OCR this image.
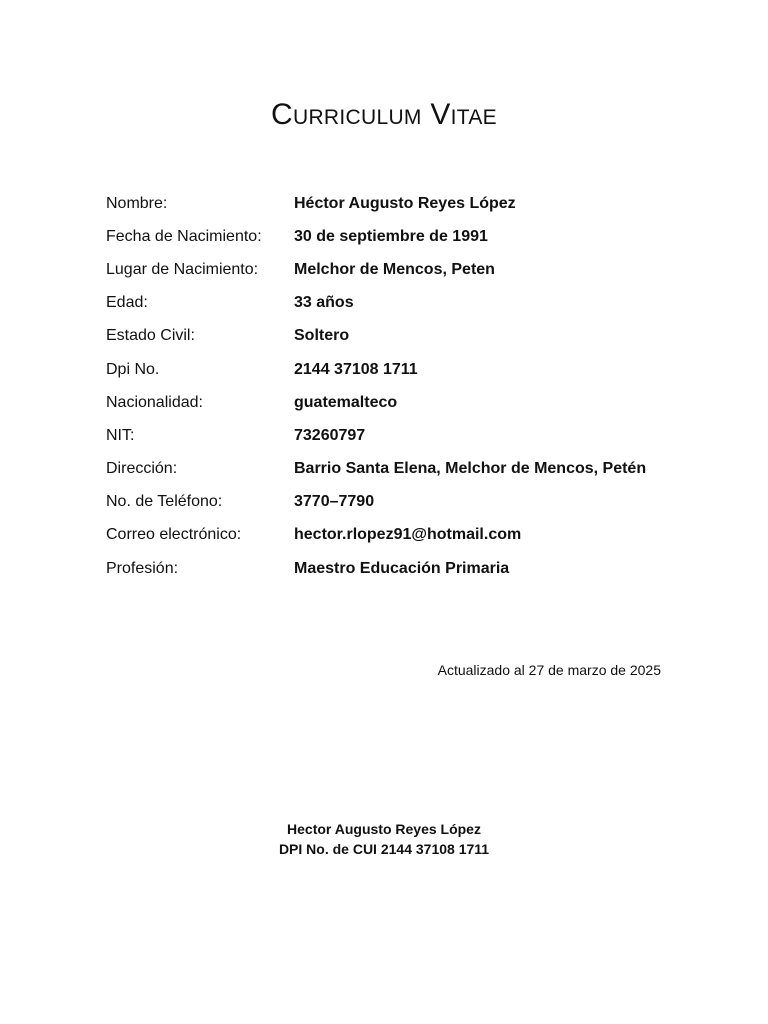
Curriculum Vitae
Nombre:	Héctor Augusto Reyes López
Fecha de Nacimiento:	30 de septiembre de 1991
Lugar de Nacimiento:	Melchor de Mencos, Peten
Edad:	33 años
Estado Civil:	Soltero
Dpi No.	2144 37108 1711
Nacionalidad:	guatemalteco
NIT:	73260797
Dirección:	Barrio Santa Elena, Melchor de Mencos, Petén
No. de Teléfono:	3770–7790
Correo electrónico:	hector.rlopez91@hotmail.com
Profesión:	Maestro Educación Primaria
Actualizado al 27 de marzo de 2025
Hector Augusto Reyes López
DPI No. de CUI 2144 37108 1711
